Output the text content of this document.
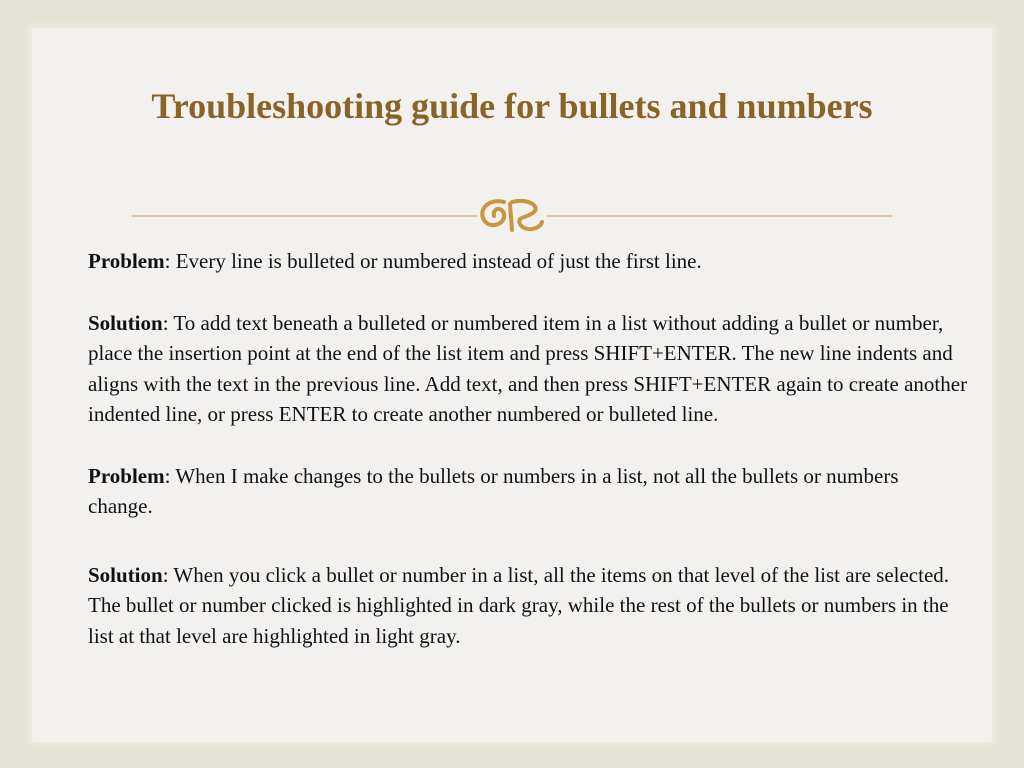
Troubleshooting guide for bullets and numbers

Problem: Every line is bulleted or numbered instead of just the first line.

Solution: To add text beneath a bulleted or numbered item in a list without adding a bullet or number, place the insertion point at the end of the list item and press SHIFT+ENTER. The new line indents and aligns with the text in the previous line. Add text, and then press SHIFT+ENTER again to create another indented line, or press ENTER to create another numbered or bulleted line.

Problem: When I make changes to the bullets or numbers in a list, not all the bullets or numbers change.

Solution: When you click a bullet or number in a list, all the items on that level of the list are selected. The bullet or number clicked is highlighted in dark gray, while the rest of the bullets or numbers in the list at that level are highlighted in light gray.
